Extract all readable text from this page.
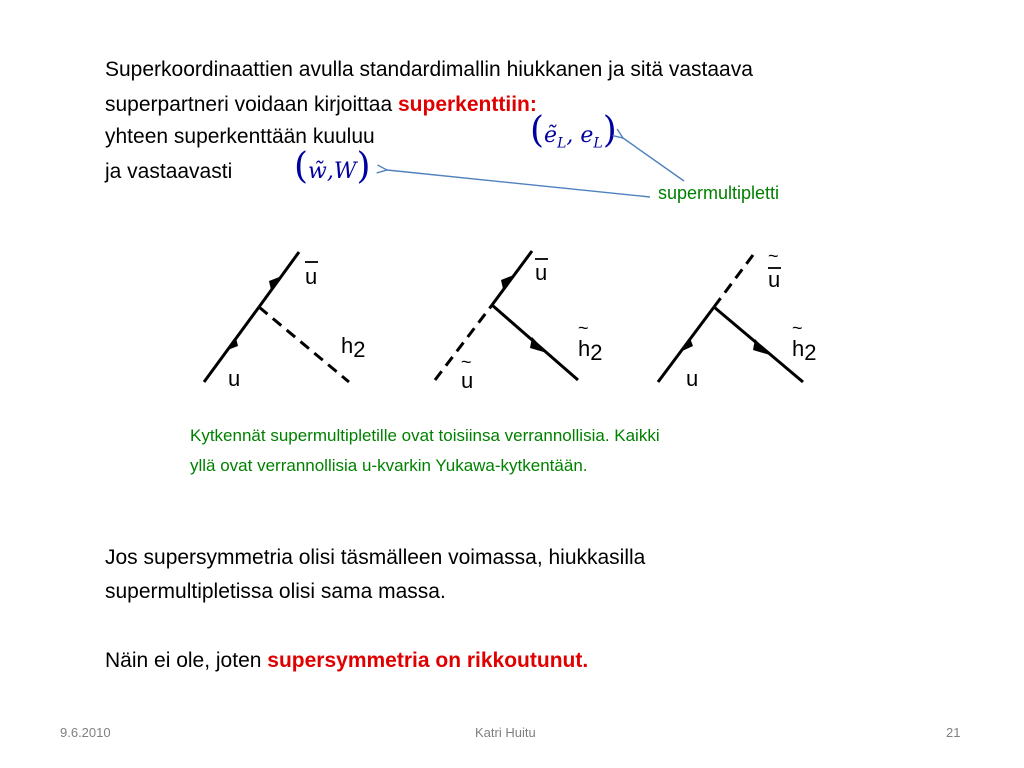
Superkoordinaattien avulla standardimallin hiukkanen ja sitä vastaava
superpartneri voidaan kirjoittaa superkenttiin:
yhteen superkenttään kuuluu
ja vastaavasti
(ẽ$_L$, $e_L$)
(w̃,W)
supermultipletti
u
u
h2
u
u
~
h2
~
u
~
u
h2
~
Kytkennät supermultipletille ovat toisiinsa verrannollisia. Kaikki
yllä ovat verrannollisia u-kvarkin Yukawa-kytkentään.
Jos supersymmetria olisi täsmälleen voimassa, hiukkasilla
supermultipletissa olisi sama massa.
Näin ei ole, joten supersymmetria on rikkoutunut.
9.6.2010	Katri Huitu	21
